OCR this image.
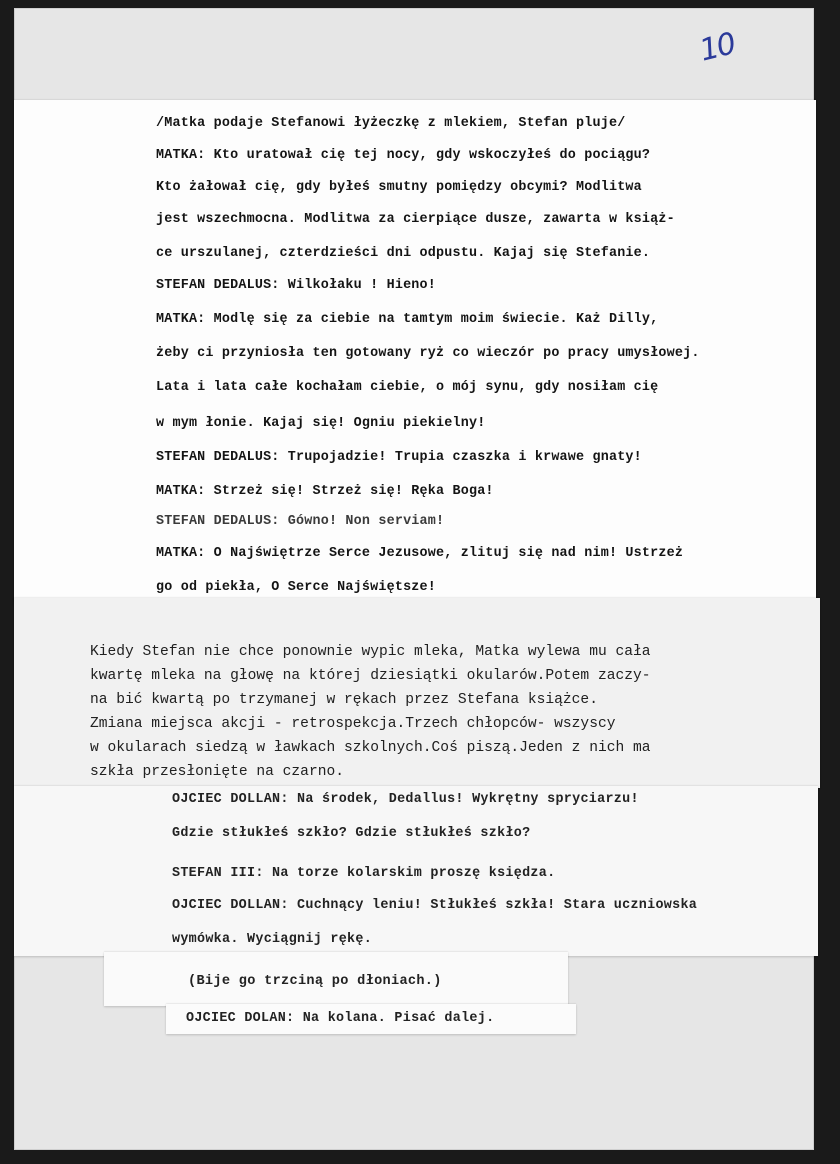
10
/Matka podaje Stefanowi łyżeczkę z mlekiem, Stefan pluje/
MATKA: Kto uratował cię tej nocy, gdy wskoczyłeś do pociągu?
Kto żałował cię, gdy byłeś smutny pomiędzy obcymi? Modlitwa
jest wszechmocna. Modlitwa za cierpiące dusze, zawarta w książ-
ce urszulanej, czterdzieści dni odpustu. Kajaj się Stefanie.
STEFAN DEDALUS: Wilkołaku ! Hieno!
MATKA: Modlę się za ciebie na tamtym moim świecie. Każ Dilly,
żeby ci przyniosła ten gotowany ryż co wieczór po pracy umysłowej.
Lata i lata całe kochałam ciebie, o mój synu, gdy nosiłam cię
w mym łonie. Kajaj się! Ogniu piekielny!
STEFAN DEDALUS: Trupojadzie! Trupia czaszka i krwawe gnaty!
MATKA: Strzeż się! Strzeż się! Ręka Boga!
STEFAN DEDALUS: Gówno! Non serviam!
MATKA: O Najświętrze Serce Jezusowe, zlituj się nad nim! Ustrzeż
go od piekła, O Serce Najświętsze!
Kiedy Stefan nie chce ponownie wypic mleka, Matka wylewa mu cała
kwartę mleka na głowę na której dziesiątki okularów.Potem zaczy-
na bić kwartą po trzymanej w rękach przez Stefana książce.
Zmiana miejsca akcji - retrospekcja.Trzech chłopców- wszyscy
w okularach siedzą w ławkach szkolnych.Coś piszą.Jeden z nich ma
szkła przesłonięte na czarno.
OJCIEC DOLLAN: Na środek, Dedallus! Wykrętny spryciarzu!
Gdzie stłukłeś szkło? Gdzie stłukłeś szkło?
STEFAN III: Na torze kolarskim proszę księdza.
OJCIEC DOLLAN: Cuchnący leniu! Stłukłeś szkła! Stara uczniowska
wymówka. Wyciągnij rękę.
(Bije go trzciną po dłoniach.)
OJCIEC DOLAN: Na kolana. Pisać dalej.
